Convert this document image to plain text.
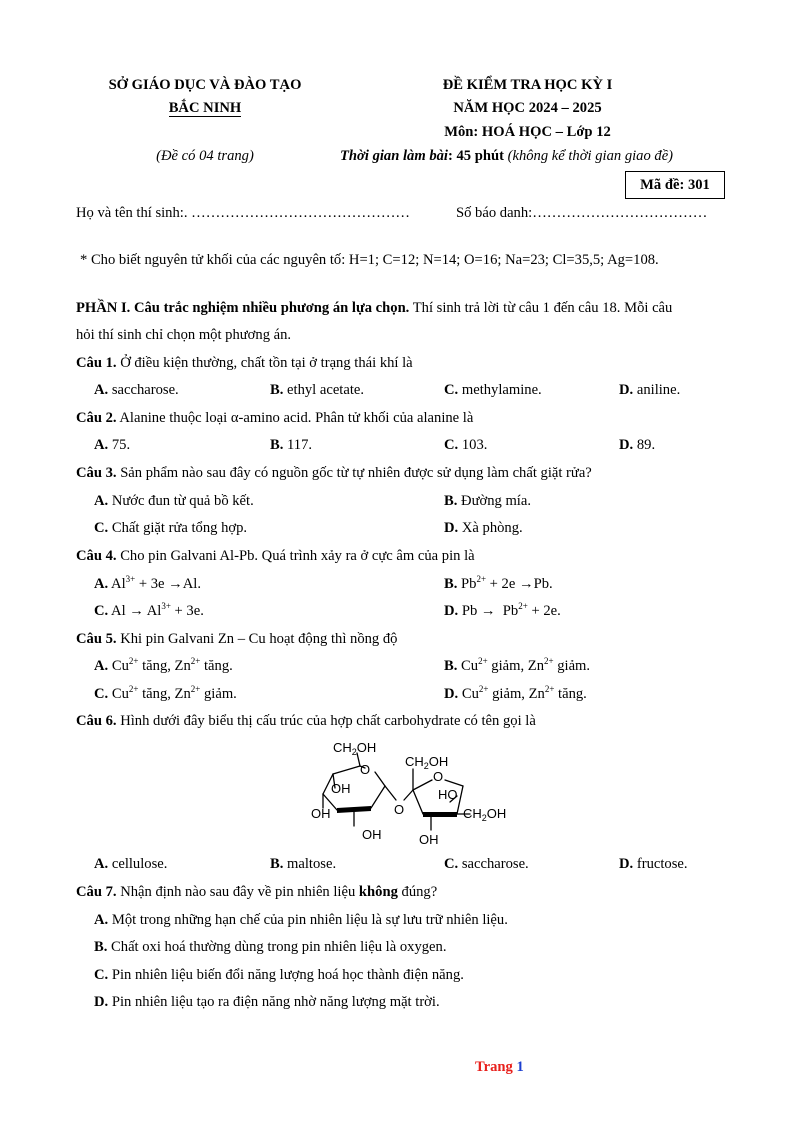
SỞ GIÁO DỤC VÀ ĐÀO TẠO
BẮC NINH
(Đề có 04 trang)
ĐỀ KIỂM TRA HỌC KỲ I
NĂM HỌC 2024 – 2025
Môn: HOÁ HỌC – Lớp 12
Thời gian làm bài: 45 phút (không kể thời gian giao đề)
Mã đề: 301
Họ và tên thí sinh:. ………………………………………	Số báo danh:………………………………
* Cho biết nguyên tử khối của các nguyên tố: H=1; C=12; N=14; O=16; Na=23; Cl=35,5; Ag=108.
PHẦN I. Câu trắc nghiệm nhiều phương án lựa chọn. Thí sinh trả lời từ câu 1 đến câu 18. Mỗi câu
hỏi thí sinh chỉ chọn một phương án.
Câu 1. Ở điều kiện thường, chất tồn tại ở trạng thái khí là
A. saccharose.	B. ethyl acetate.	C. methylamine.	D. aniline.
Câu 2. Alanine thuộc loại α-amino acid. Phân tử khối của alanine là
A. 75.	B. 117.	C. 103.	D. 89.
Câu 3. Sản phẩm nào sau đây có nguồn gốc từ tự nhiên được sử dụng làm chất giặt rửa?
A. Nước đun từ quả bồ kết.	B. Đường mía.
C. Chất giặt rửa tổng hợp.	D. Xà phòng.
Câu 4. Cho pin Galvani Al-Pb. Quá trình xảy ra ở cực âm của pin là
A. $Al^{3+} + 3e \to Al$.	B. $Pb^{2+} + 2e \to Pb$.
C. $Al \to Al^{3+} + 3e$.	D. $Pb \to Pb^{2+} + 2e$.
Câu 5. Khi pin Galvani Zn – Cu hoạt động thì nồng độ
A. $Cu^{2+}$ tăng, $Zn^{2+}$ tăng.	B. $Cu^{2+}$ giảm, $Zn^{2+}$ giảm.
C. $Cu^{2+}$ tăng, $Zn^{2+}$ giảm.	D. $Cu^{2+}$ giảm, $Zn^{2+}$ tăng.
Câu 6. Hình dưới đây biểu thị cấu trúc của hợp chất carbohydrate có tên gọi là
$CH_2OH$
O
OH
OH
OH
O
$CH_2OH$
O
HO
$CH_2OH$
OH
A. cellulose.	B. maltose.	C. saccharose.	D. fructose.
Câu 7. Nhận định nào sau đây về pin nhiên liệu không đúng?
A. Một trong những hạn chế của pin nhiên liệu là sự lưu trữ nhiên liệu.
B. Chất oxi hoá thường dùng trong pin nhiên liệu là oxygen.
C. Pin nhiên liệu biến đổi năng lượng hoá học thành điện năng.
D. Pin nhiên liệu tạo ra điện năng nhờ năng lượng mặt trời.
Trang 1
